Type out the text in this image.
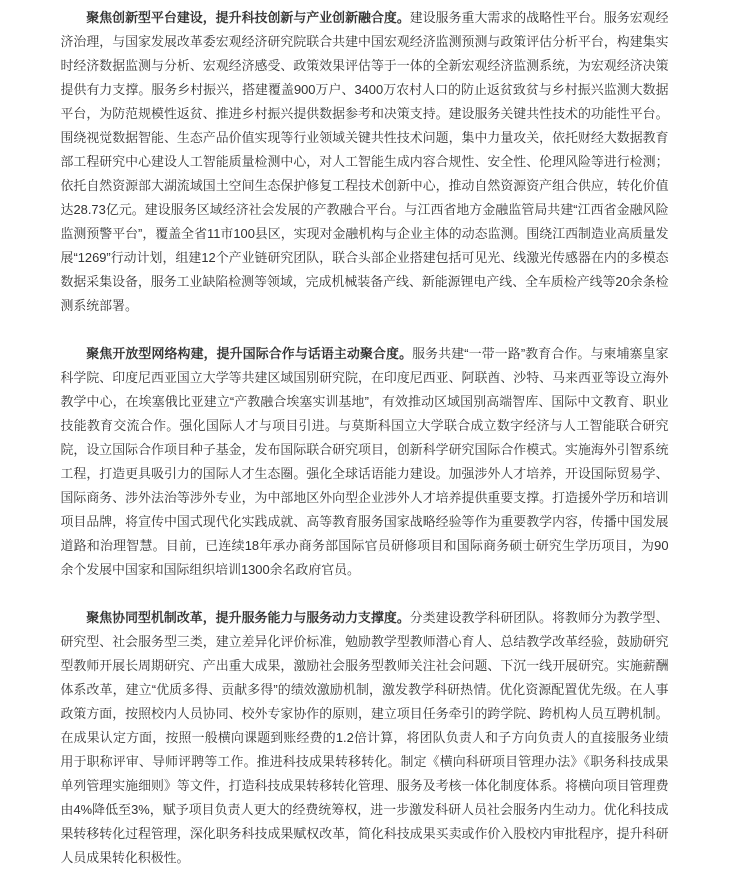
聚焦创新型平台建设，提升科技创新与产业创新融合度。建设服务重大需求的战略性平台。服务宏观经济治理，与国家发展改革委宏观经济研究院联合共建中国宏观经济监测预测与政策评估分析平台，构建集实时经济数据监测与分析、宏观经济感受、政策效果评估等于一体的全新宏观经济监测系统，为宏观经济决策提供有力支撑。服务乡村振兴，搭建覆盖900万户、3400万农村人口的防止返贫致贫与乡村振兴监测大数据平台，为防范规模性返贫、推进乡村振兴提供数据参考和决策支持。建设服务关键共性技术的功能性平台。围绕视觉数据智能、生态产品价值实现等行业领域关键共性技术问题，集中力量攻关，依托财经大数据教育部工程研究中心建设人工智能质量检测中心，对人工智能生成内容合规性、安全性、伦理风险等进行检测；依托自然资源部大湖流域国土空间生态保护修复工程技术创新中心，推动自然资源资产组合供应，转化价值达28.73亿元。建设服务区域经济社会发展的产教融合平台。与江西省地方金融监管局共建“江西省金融风险监测预警平台”，覆盖全省11市100县区，实现对金融机构与企业主体的动态监测。围绕江西制造业高质量发展“1269”行动计划，组建12个产业链研究团队，联合头部企业搭建包括可见光、线激光传感器在内的多模态数据采集设备，服务工业缺陷检测等领域，完成机械装备产线、新能源锂电产线、全车质检产线等20余条检测系统部署。

聚焦开放型网络构建，提升国际合作与话语主动聚合度。服务共建“一带一路”教育合作。与柬埔寨皇家科学院、印度尼西亚国立大学等共建区域国别研究院，在印度尼西亚、阿联酋、沙特、马来西亚等设立海外教学中心，在埃塞俄比亚建立“产教融合埃塞实训基地”，有效推动区域国别高端智库、国际中文教育、职业技能教育交流合作。强化国际人才与项目引进。与莫斯科国立大学联合成立数字经济与人工智能联合研究院，设立国际合作项目种子基金，发布国际联合研究项目，创新科学研究国际合作模式。实施海外引智系统工程，打造更具吸引力的国际人才生态圈。强化全球话语能力建设。加强涉外人才培养，开设国际贸易学、国际商务、涉外法治等涉外专业，为中部地区外向型企业涉外人才培养提供重要支撑。打造援外学历和培训项目品牌，将宣传中国式现代化实践成就、高等教育服务国家战略经验等作为重要教学内容，传播中国发展道路和治理智慧。目前，已连续18年承办商务部国际官员研修项目和国际商务硕士研究生学历项目，为90余个发展中国家和国际组织培训1300余名政府官员。

聚焦协同型机制改革，提升服务能力与服务动力支撑度。分类建设教学科研团队。将教师分为教学型、研究型、社会服务型三类，建立差异化评价标准，勉励教学型教师潜心育人、总结教学改革经验，鼓励研究型教师开展长周期研究、产出重大成果，激励社会服务型教师关注社会问题、下沉一线开展研究。实施薪酬体系改革，建立“优质多得、贡献多得”的绩效激励机制，激发教学科研热情。优化资源配置优先级。在人事政策方面，按照校内人员协同、校外专家协作的原则，建立项目任务牵引的跨学院、跨机构人员互聘机制。在成果认定方面，按照一般横向课题到账经费的1.2倍计算，将团队负责人和子方向负责人的直接服务业绩用于职称评审、导师评聘等工作。推进科技成果转移转化。制定《横向科研项目管理办法》《职务科技成果单列管理实施细则》等文件，打造科技成果转移转化管理、服务及考核一体化制度体系。将横向项目管理费由4%降低至3%，赋予项目负责人更大的经费统筹权，进一步激发科研人员社会服务内生动力。优化科技成果转移转化过程管理，深化职务科技成果赋权改革，简化科技成果买卖或作价入股校内审批程序，提升科研人员成果转化积极性。
